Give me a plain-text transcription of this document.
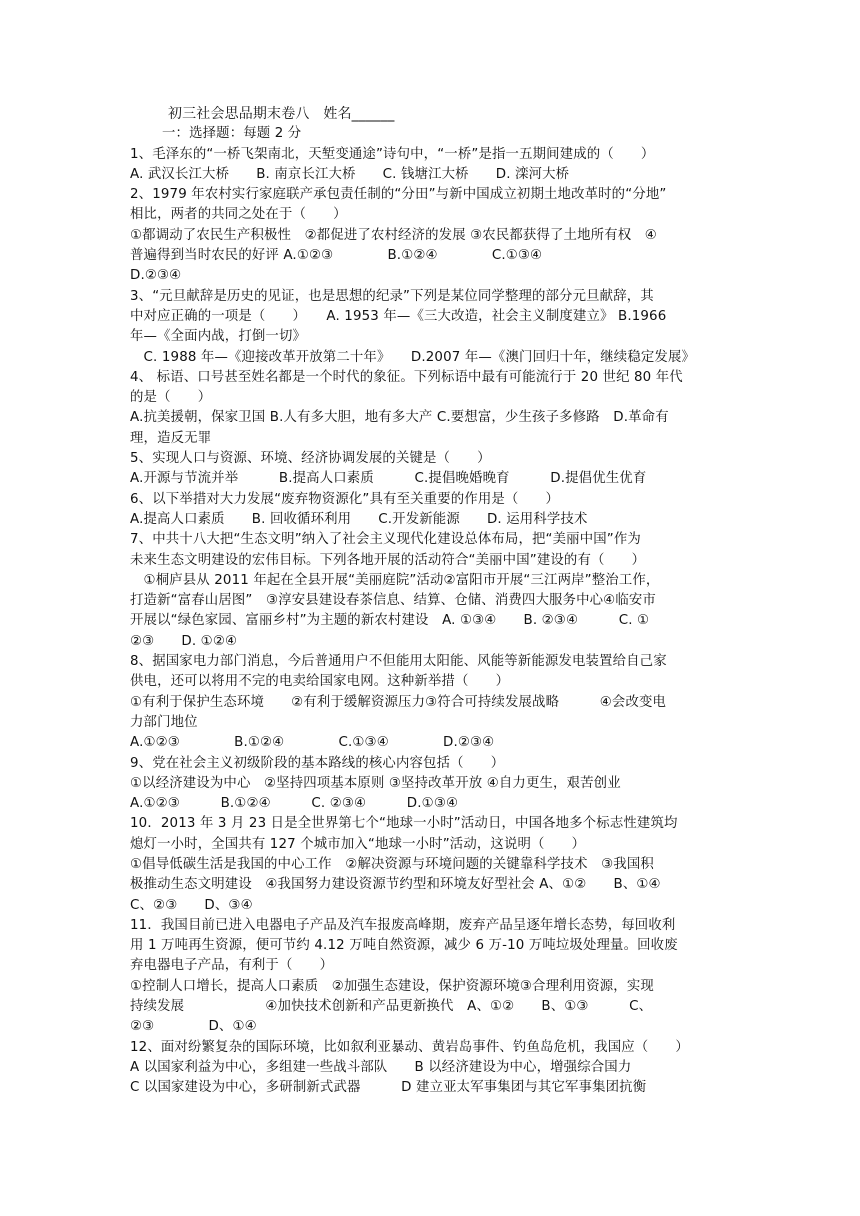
初三社会思品期末卷八 姓名______
一：选择题：每题 2 分
1、毛泽东的“一桥飞架南北，天堑变通途”诗句中，“一桥”是指一五期间建成的（　　）
A. 武汉长江大桥　　B. 南京长江大桥　　C. 钱塘江大桥　　D. 滦河大桥
2、1979 年农村实行家庭联产承包责任制的“分田”与新中国成立初期土地改革时的“分地”
相比，两者的共同之处在于（　　）
①都调动了农民生产积极性　②都促进了农村经济的发展 ③农民都获得了土地所有权　④
普遍得到当时农民的好评 A.①②③　　　　B.①②④　　　　C.①③④
D.②③④
3、“元旦献辞是历史的见证，也是思想的纪录”下列是某位同学整理的部分元旦献辞，其
中对应正确的一项是（　　）　　A. 1953 年—《三大改造，社会主义制度建立》 B.1966
年—《全面内战，打倒一切》
　C. 1988 年—《迎接改革开放第二十年》　　D.2007 年—《澳门回归十年，继续稳定发展》
4、 标语、口号甚至姓名都是一个时代的象征。下列标语中最有可能流行于 20 世纪 80 年代
的是（　　）
A.抗美援朝，保家卫国 B.人有多大胆，地有多大产 C.要想富，少生孩子多修路　D.革命有
理，造反无罪
5、实现人口与资源、环境、经济协调发展的关键是（　　）
A.开源与节流并举　　　B.提高人口素质　　　C.提倡晚婚晚育　　　D.提倡优生优育
6、以下举措对大力发展“废弃物资源化”具有至关重要的作用是（　　）
A.提高人口素质　　B. 回收循环利用　　C.开发新能源　　D. 运用科学技术
7、中共十八大把“生态文明”纳入了社会主义现代化建设总体布局，把“美丽中国”作为
未来生态文明建设的宏伟目标。下列各地开展的活动符合“美丽中国”建设的有（　　）
　①桐庐县从 2011 年起在全县开展“美丽庭院”活动②富阳市开展“三江两岸”整治工作，
打造新“富春山居图”　③淳安县建设春茶信息、结算、仓储、消费四大服务中心④临安市
开展以“绿色家园、富丽乡村”为主题的新农村建设　A. ①③④　　B. ②③④　　　C. ①
②③　　D. ①②④
8、据国家电力部门消息，今后普通用户不但能用太阳能、风能等新能源发电装置给自己家
供电，还可以将用不完的电卖给国家电网。这种新举措（　　）
①有利于保护生态环境　　②有利于缓解资源压力③符合可持续发展战略　　　④会改变电
力部门地位
A.①②③　　　　B.①②④　　　　C.①③④　　　　D.②③④
9、党在社会主义初级阶段的基本路线的核心内容包括（　　）
①以经济建设为中心　②坚持四项基本原则 ③坚持改革开放 ④自力更生，艰苦创业
A.①②③　　　B.①②④　　　C. ②③④　　　D.①③④
10．2013 年 3 月 23 日是全世界第七个“地球一小时”活动日，中国各地多个标志性建筑均
熄灯一小时，全国共有 127 个城市加入“地球一小时”活动，这说明（　　）
①倡导低碳生活是我国的中心工作　②解决资源与环境问题的关键靠科学技术　③我国积
极推动生态文明建设　④我国努力建设资源节约型和环境友好型社会 A、①②　　B、①④
C、②③　　D、③④
11．我国目前已进入电器电子产品及汽车报废高峰期，废弃产品呈逐年增长态势，每回收利
用 1 万吨再生资源，便可节约 4.12 万吨自然资源，减少 6 万-10 万吨垃圾处理量。回收废
弃电器电子产品，有利于（　　）
①控制人口增长，提高人口素质　②加强生态建设，保护资源环境③合理利用资源，实现
持续发展　　　　　　④加快技术创新和产品更新换代　A、①②　　B、①③　　　C、
②③　　　　D、①④
12、面对纷繁复杂的国际环境，比如叙利亚暴动、黄岩岛事件、钓鱼岛危机，我国应（　　）
A 以国家利益为中心，多组建一些战斗部队　　B 以经济建设为中心，增强综合国力
C 以国家建设为中心，多研制新式武器　　　D 建立亚太军事集团与其它军事集团抗衡
